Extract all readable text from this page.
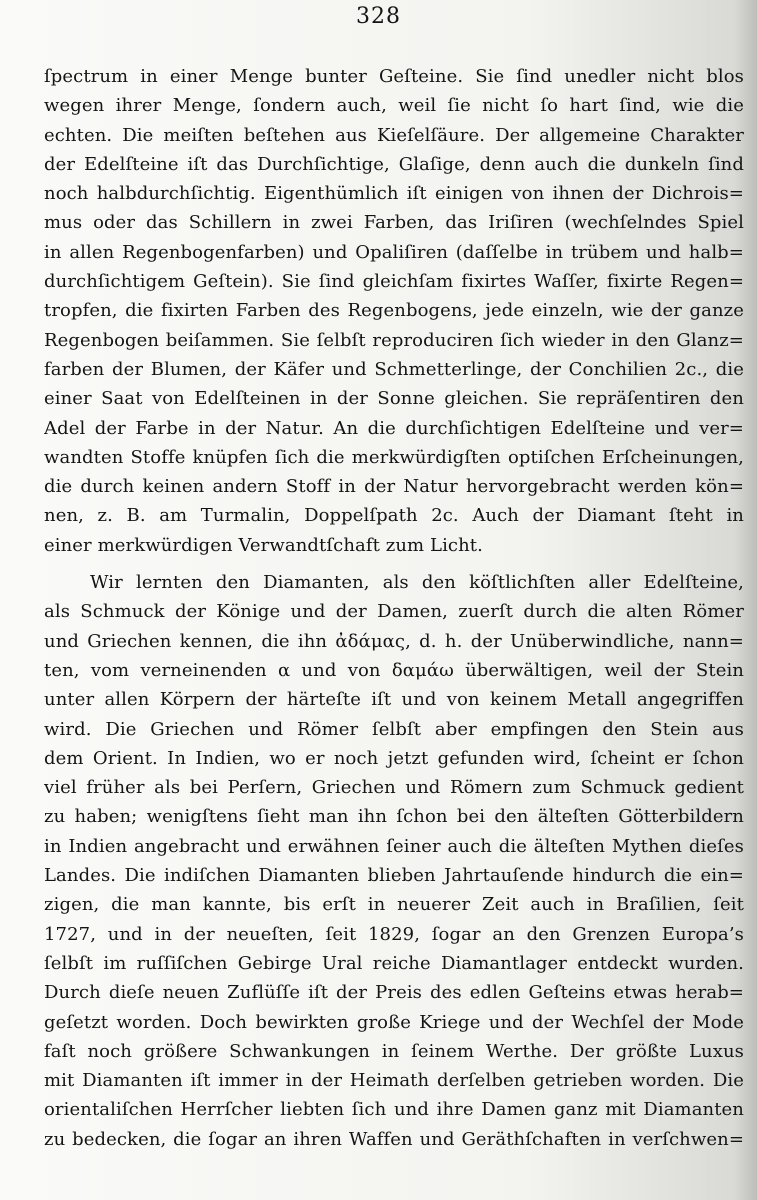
328
ſpectrum in einer Menge bunter Geſteine. Sie ſind unedler nicht blos
wegen ihrer Menge, ſondern auch, weil ſie nicht ſo hart ſind, wie die
echten. Die meiſten beſtehen aus Kieſelſäure. Der allgemeine Charakter
der Edelſteine iſt das Durchſichtige, Glaſige, denn auch die dunkeln ſind
noch halbdurchſichtig. Eigenthümlich iſt einigen von ihnen der Dichrois=
mus oder das Schillern in zwei Farben, das Iriſiren (wechſelndes Spiel
in allen Regenbogenfarben) und Opaliſiren (daſſelbe in trübem und halb=
durchſichtigem Geſtein). Sie ſind gleichſam fixirtes Waſſer, fixirte Regen=
tropfen, die fixirten Farben des Regenbogens, jede einzeln, wie der ganze
Regenbogen beiſammen. Sie ſelbſt reproduciren ſich wieder in den Glanz=
farben der Blumen, der Käfer und Schmetterlinge, der Conchilien 2c., die
einer Saat von Edelſteinen in der Sonne gleichen. Sie repräſentiren den
Adel der Farbe in der Natur. An die durchſichtigen Edelſteine und ver=
wandten Stoffe knüpfen ſich die merkwürdigſten optiſchen Erſcheinungen,
die durch keinen andern Stoff in der Natur hervorgebracht werden kön=
nen, z. B. am Turmalin, Doppelſpath 2c. Auch der Diamant ſteht in
einer merkwürdigen Verwandtſchaft zum Licht.
Wir lernten den Diamanten, als den köſtlichſten aller Edelſteine,
als Schmuck der Könige und der Damen, zuerſt durch die alten Römer
und Griechen kennen, die ihn ἀδάμας, d. h. der Unüberwindliche, nann=
ten, vom verneinenden α und von δαμάω überwältigen, weil der Stein
unter allen Körpern der härteſte iſt und von keinem Metall angegriffen
wird. Die Griechen und Römer ſelbſt aber empfingen den Stein aus
dem Orient. In Indien, wo er noch jetzt gefunden wird, ſcheint er ſchon
viel früher als bei Perſern, Griechen und Römern zum Schmuck gedient
zu haben; wenigſtens ſieht man ihn ſchon bei den älteſten Götterbildern
in Indien angebracht und erwähnen ſeiner auch die älteſten Mythen dieſes
Landes. Die indiſchen Diamanten blieben Jahrtauſende hindurch die ein=
zigen, die man kannte, bis erſt in neuerer Zeit auch in Braſilien, ſeit
1727, und in der neueſten, ſeit 1829, ſogar an den Grenzen Europa’s
ſelbſt im ruſſiſchen Gebirge Ural reiche Diamantlager entdeckt wurden.
Durch dieſe neuen Zuflüſſe iſt der Preis des edlen Geſteins etwas herab=
geſetzt worden. Doch bewirkten große Kriege und der Wechſel der Mode
faſt noch größere Schwankungen in ſeinem Werthe. Der größte Luxus
mit Diamanten iſt immer in der Heimath derſelben getrieben worden. Die
orientaliſchen Herrſcher liebten ſich und ihre Damen ganz mit Diamanten
zu bedecken, die ſogar an ihren Waffen und Geräthſchaften in verſchwen=
